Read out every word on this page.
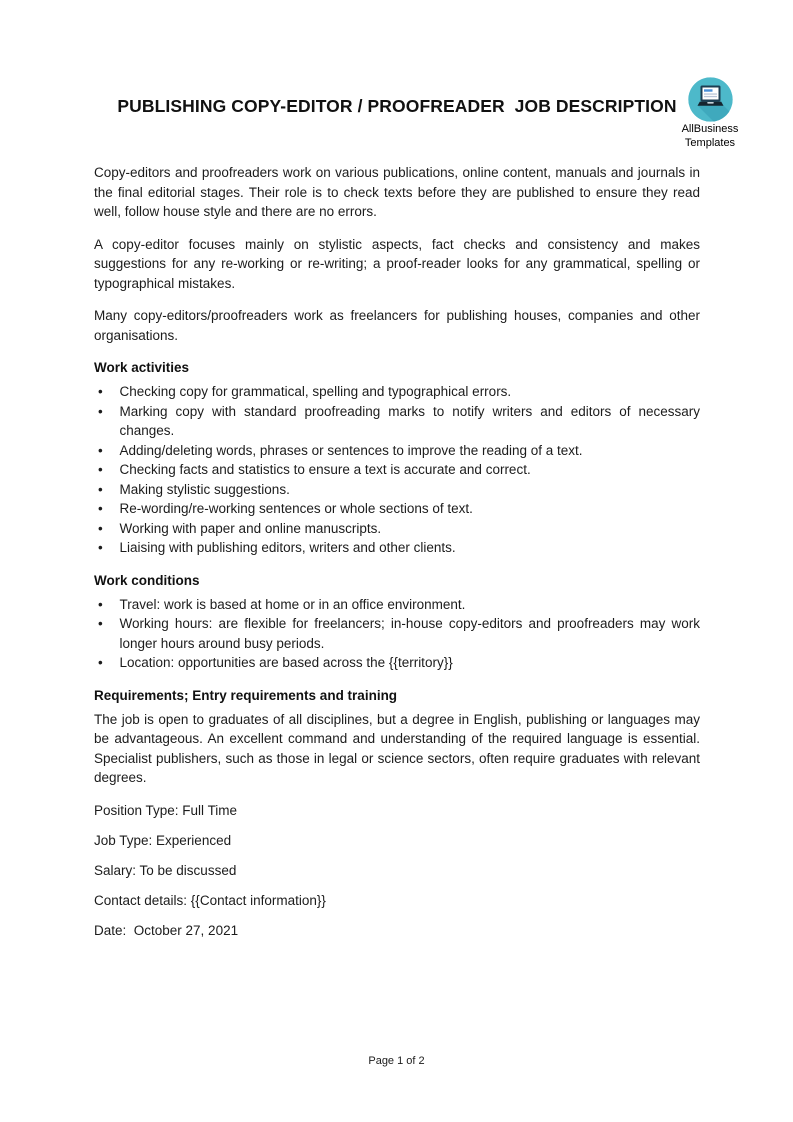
AllBusiness
Templates
PUBLISHING COPY-EDITOR / PROOFREADER  JOB DESCRIPTION

Copy-editors and proofreaders work on various publications, online content, manuals and journals in the final editorial stages. Their role is to check texts before they are published to ensure they read well, follow house style and there are no errors.

A copy-editor focuses mainly on stylistic aspects, fact checks and consistency and makes suggestions for any re-working or re-writing; a proof-reader looks for any grammatical, spelling or typographical mistakes.

Many copy-editors/proofreaders work as freelancers for publishing houses, companies and other organisations.

Work activities
• Checking copy for grammatical, spelling and typographical errors.
• Marking copy with standard proofreading marks to notify writers and editors of necessary changes.
• Adding/deleting words, phrases or sentences to improve the reading of a text.
• Checking facts and statistics to ensure a text is accurate and correct.
• Making stylistic suggestions.
• Re-wording/re-working sentences or whole sections of text.
• Working with paper and online manuscripts.
• Liaising with publishing editors, writers and other clients.
Work conditions
• Travel: work is based at home or in an office environment.
• Working hours: are flexible for freelancers; in-house copy-editors and proofreaders may work longer hours around busy periods.
• Location: opportunities are based across the {{territory}}
Requirements; Entry requirements and training

The job is open to graduates of all disciplines, but a degree in English, publishing or languages may be advantageous. An excellent command and understanding of the required language is essential. Specialist publishers, such as those in legal or science sectors, often require graduates with relevant degrees.

Position Type: Full Time

Job Type: Experienced

Salary: To be discussed

Contact details: {{Contact information}}

Date:  October 27, 2021

Page 1 of 2
